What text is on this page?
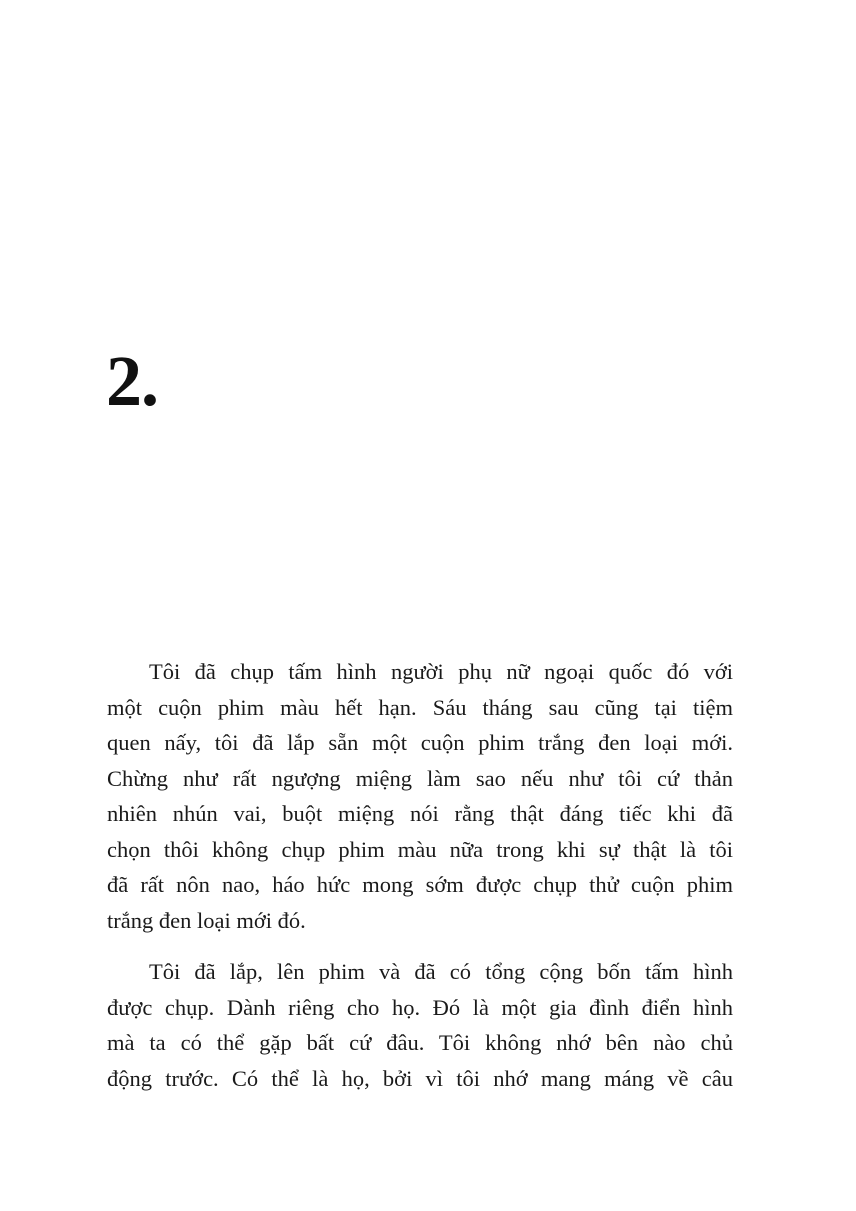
2.

Tôi đã chụp tấm hình người phụ nữ ngoại quốc đó với
một cuộn phim màu hết hạn. Sáu tháng sau cũng tại tiệm
quen nấy, tôi đã lắp sẵn một cuộn phim trắng đen loại mới.
Chừng như rất ngượng miệng làm sao nếu như tôi cứ thản
nhiên nhún vai, buột miệng nói rằng thật đáng tiếc khi đã
chọn thôi không chụp phim màu nữa trong khi sự thật là tôi
đã rất nôn nao, háo hức mong sớm được chụp thử cuộn phim
trắng đen loại mới đó.

Tôi đã lắp, lên phim và đã có tổng cộng bốn tấm hình
được chụp. Dành riêng cho họ. Đó là một gia đình điển hình
mà ta có thể gặp bất cứ đâu. Tôi không nhớ bên nào chủ
động trước. Có thể là họ, bởi vì tôi nhớ mang máng về câu
